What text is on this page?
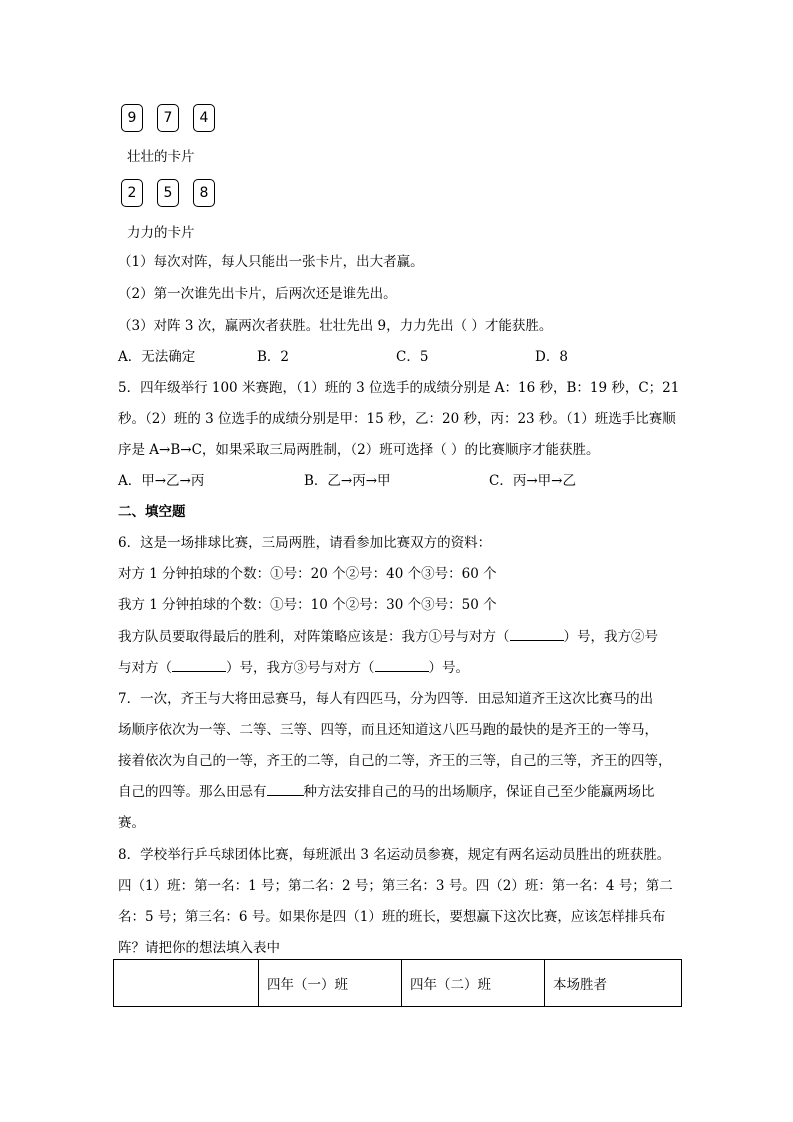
9	7	4
壮壮的卡片
2	5	8
力力的卡片
（1）每次对阵，每人只能出一张卡片，出大者赢。
（2）第一次谁先出卡片，后两次还是谁先出。
（3）对阵 3 次，赢两次者获胜。壮壮先出 9，力力先出（ ）才能获胜。
A．无法确定	B．2	C．5	D．8
5．四年级举行 100 米赛跑，（1）班的 3 位选手的成绩分别是 A：16 秒，B：19 秒，C；21
秒。（2）班的 3 位选手的成绩分别是甲：15 秒，乙：20 秒，丙：23 秒。（1）班选手比赛顺
序是 A→B→C，如果采取三局两胜制，（2）班可选择（ ）的比赛顺序才能获胜。
A．甲→乙→丙	B．乙→丙→甲	C．丙→甲→乙
二、填空题
6．这是一场排球比赛，三局两胜，请看参加比赛双方的资料：
对方 1 分钟拍球的个数：①号：20 个②号：40 个③号：60 个
我方 1 分钟拍球的个数：①号：10 个②号：30 个③号：50 个
我方队员要取得最后的胜利，对阵策略应该是：我方①号与对方（	）号，我方②号
与对方（	）号，我方③号与对方（	）号。
7．一次，齐王与大将田忌赛马，每人有四匹马，分为四等．田忌知道齐王这次比赛马的出
场顺序依次为一等、二等、三等、四等，而且还知道这八匹马跑的最快的是齐王的一等马，
接着依次为自己的一等，齐王的二等，自己的二等，齐王的三等，自己的三等，齐王的四等，
自己的四等。那么田忌有	种方法安排自己的马的出场顺序，保证自己至少能赢两场比
赛。
8．学校举行乒乓球团体比赛，每班派出 3 名运动员参赛，规定有两名运动员胜出的班获胜。
四（1）班：第一名：1 号；第二名：2 号；第三名：3 号。四（2）班：第一名：4 号；第二
名：5 号；第三名：6 号。如果你是四（1）班的班长，要想赢下这次比赛，应该怎样排兵布
阵？请把你的想法填入表中
	四年（一）班	四年（二）班	本场胜者
